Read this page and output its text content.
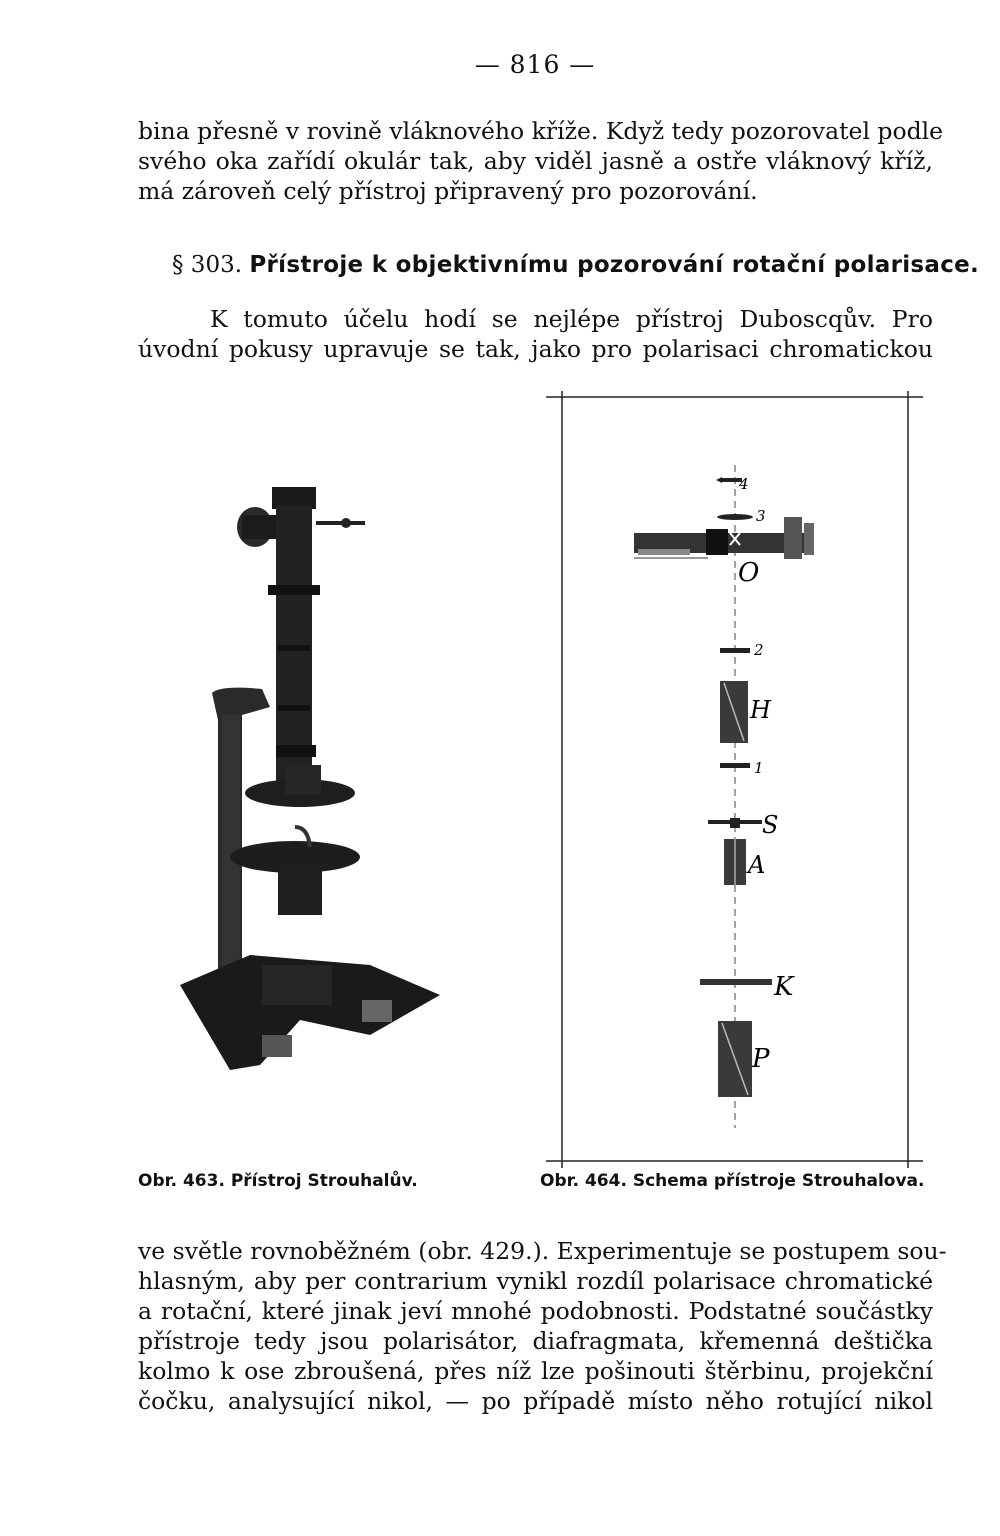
— 816 —
bina přesně v rovině vláknového kříže. Když tedy pozorovatel podle
svého oka zařídí okulár tak, aby viděl jasně a ostře vláknový kříž,
má zároveň celý přístroj připravený pro pozorování.
§ 303. Přístroje k objektivnímu pozorování rotační polarisace.
K tomuto účelu hodí se nejlépe přístroj Duboscqův. Pro
úvodní pokusy upravuje se tak, jako pro polarisaci chromatickou
4
3
O
2
H
1
S
A
K
P
Obr. 463. Přístroj Strouhalův.	Obr. 464. Schema přístroje Strouhalova.
ve světle rovnoběžném (obr. 429.). Experimentuje se postupem sou-
hlasným, aby per contrarium vynikl rozdíl polarisace chromatické
a rotační, které jinak jeví mnohé podobnosti. Podstatné součástky
přístroje tedy jsou polarisátor, diafragmata, křemenná deštička
kolmo k ose zbroušená, přes níž lze pošinouti štěrbinu, projekční
čočku, analysující nikol, — po případě místo něho rotující nikol
